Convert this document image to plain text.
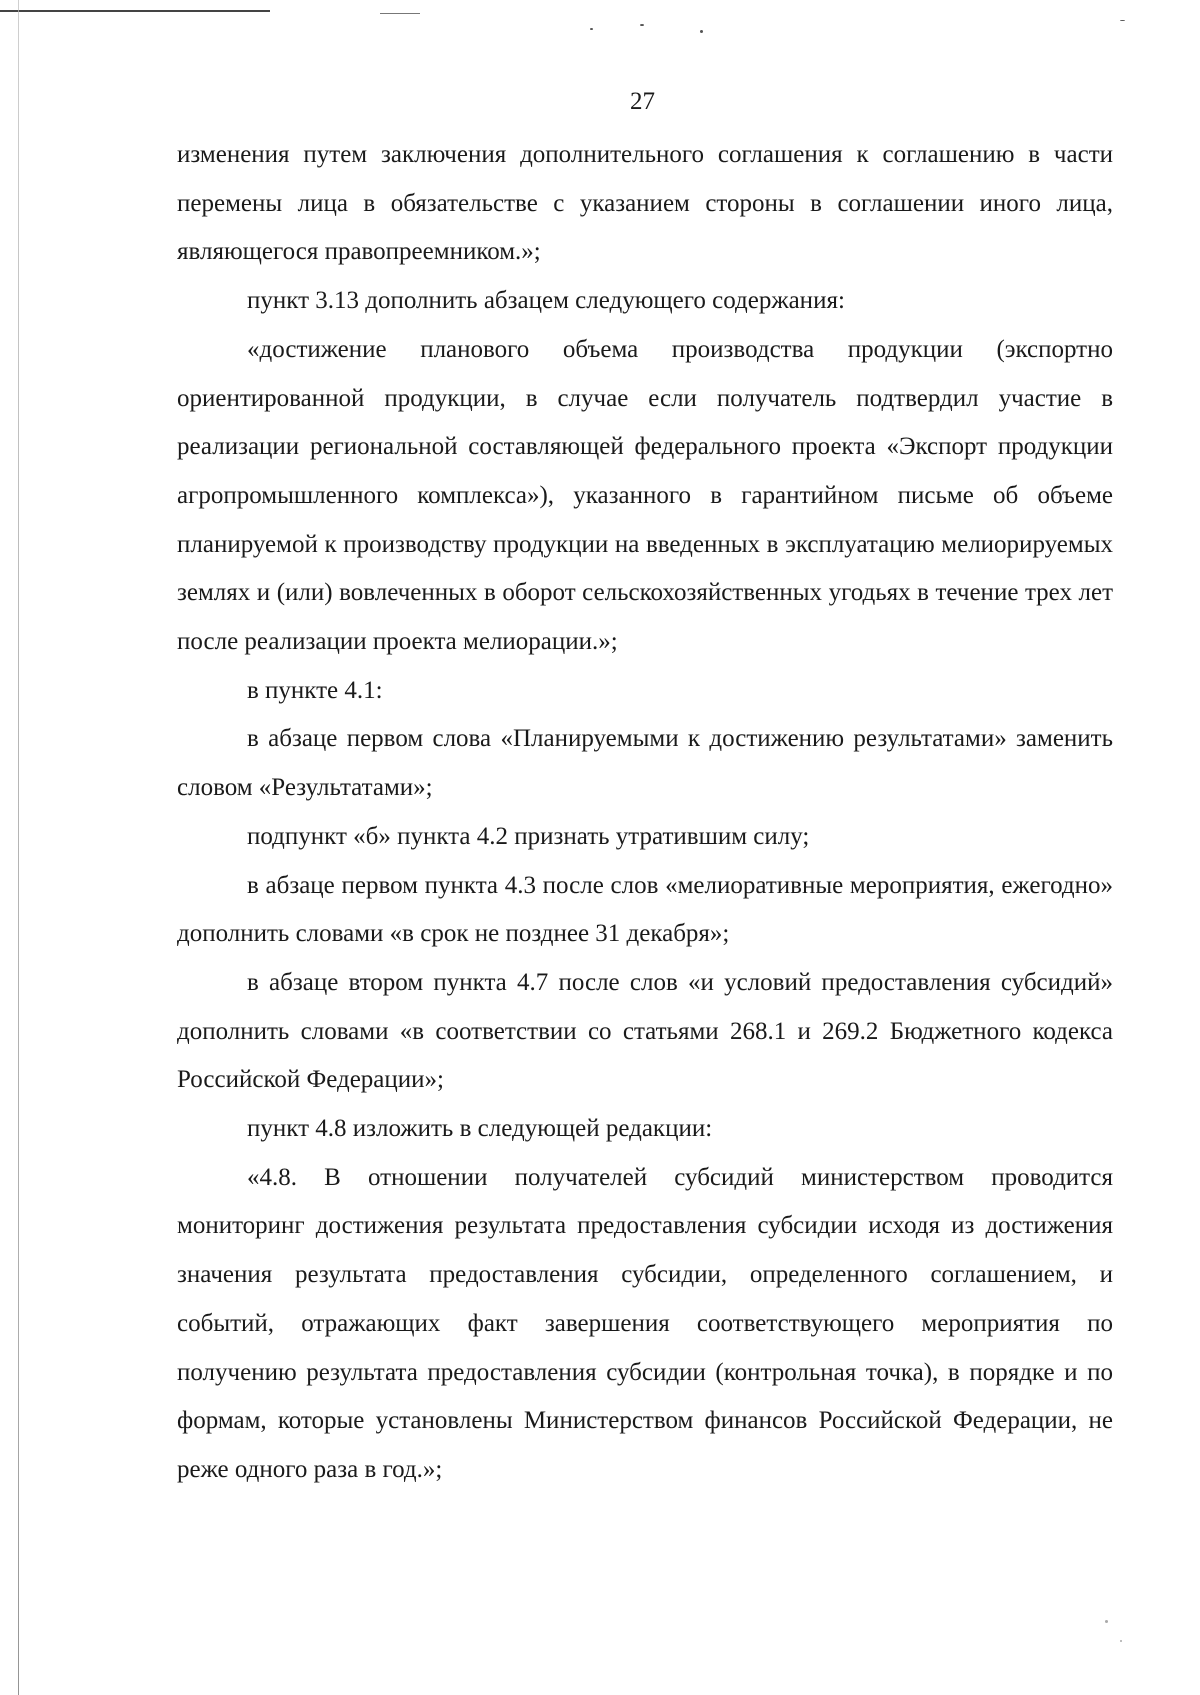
27

изменения путем заключения дополнительного соглашения к соглашению в части перемены лица в обязательстве с указанием стороны в соглашении иного лица, являющегося правопреемником.»;

пункт 3.13 дополнить абзацем следующего содержания:

«достижение планового объема производства продукции (экспортно ориентированной продукции, в случае если получатель подтвердил участие в реализации региональной составляющей федерального проекта «Экспорт продукции агропромышленного комплекса»), указанного в гарантийном письме об объеме планируемой к производству продукции на введенных в эксплуатацию мелиорируемых землях и (или) вовлеченных в оборот сельскохозяйственных угодьях в течение трех лет после реализации проекта мелиорации.»;

в пункте 4.1:

в абзаце первом слова «Планируемыми к достижению результатами» заменить словом «Результатами»;

подпункт «б» пункта 4.2 признать утратившим силу;

в абзаце первом пункта 4.3 после слов «мелиоративные мероприятия, ежегодно» дополнить словами «в срок не позднее 31 декабря»;

в абзаце втором пункта 4.7 после слов «и условий предоставления субсидий» дополнить словами «в соответствии со статьями 268.1 и 269.2 Бюджетного кодекса Российской Федерации»;

пункт 4.8 изложить в следующей редакции:

«4.8. В отношении получателей субсидий министерством проводится мониторинг достижения результата предоставления субсидии исходя из достижения значения результата предоставления субсидии, определенного соглашением, и событий, отражающих факт завершения соответствующего мероприятия по получению результата предоставления субсидии (контрольная точка), в порядке и по формам, которые установлены Министерством финансов Российской Федерации, не реже одного раза в год.»;
